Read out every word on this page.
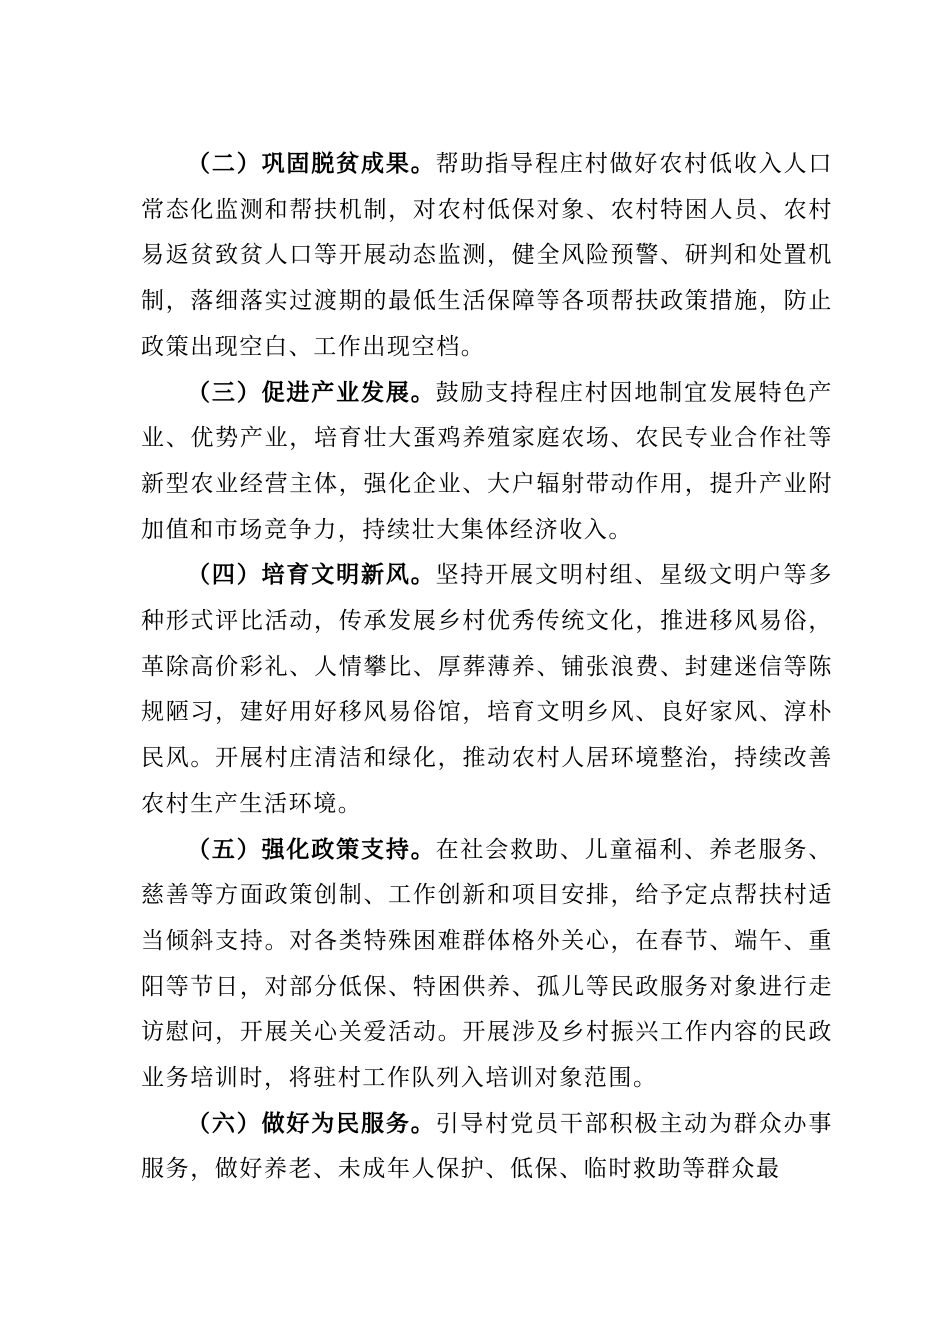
（二）巩固脱贫成果。帮助指导程庄村做好农村低收入人口常态化监测和帮扶机制，对农村低保对象、农村特困人员、农村易返贫致贫人口等开展动态监测，健全风险预警、研判和处置机制，落细落实过渡期的最低生活保障等各项帮扶政策措施，防止政策出现空白、工作出现空档。

（三）促进产业发展。鼓励支持程庄村因地制宜发展特色产业、优势产业，培育壮大蛋鸡养殖家庭农场、农民专业合作社等新型农业经营主体，强化企业、大户辐射带动作用，提升产业附加值和市场竞争力，持续壮大集体经济收入。

（四）培育文明新风。坚持开展文明村组、星级文明户等多种形式评比活动，传承发展乡村优秀传统文化，推进移风易俗，革除高价彩礼、人情攀比、厚葬薄养、铺张浪费、封建迷信等陈规陋习，建好用好移风易俗馆，培育文明乡风、良好家风、淳朴民风。开展村庄清洁和绿化，推动农村人居环境整治，持续改善农村生产生活环境。

（五）强化政策支持。在社会救助、儿童福利、养老服务、慈善等方面政策创制、工作创新和项目安排，给予定点帮扶村适当倾斜支持。对各类特殊困难群体格外关心，在春节、端午、重阳等节日，对部分低保、特困供养、孤儿等民政服务对象进行走访慰问，开展关心关爱活动。开展涉及乡村振兴工作内容的民政业务培训时，将驻村工作队列入培训对象范围。

（六）做好为民服务。引导村党员干部积极主动为群众办事服务，做好养老、未成年人保护、低保、临时救助等群众最
